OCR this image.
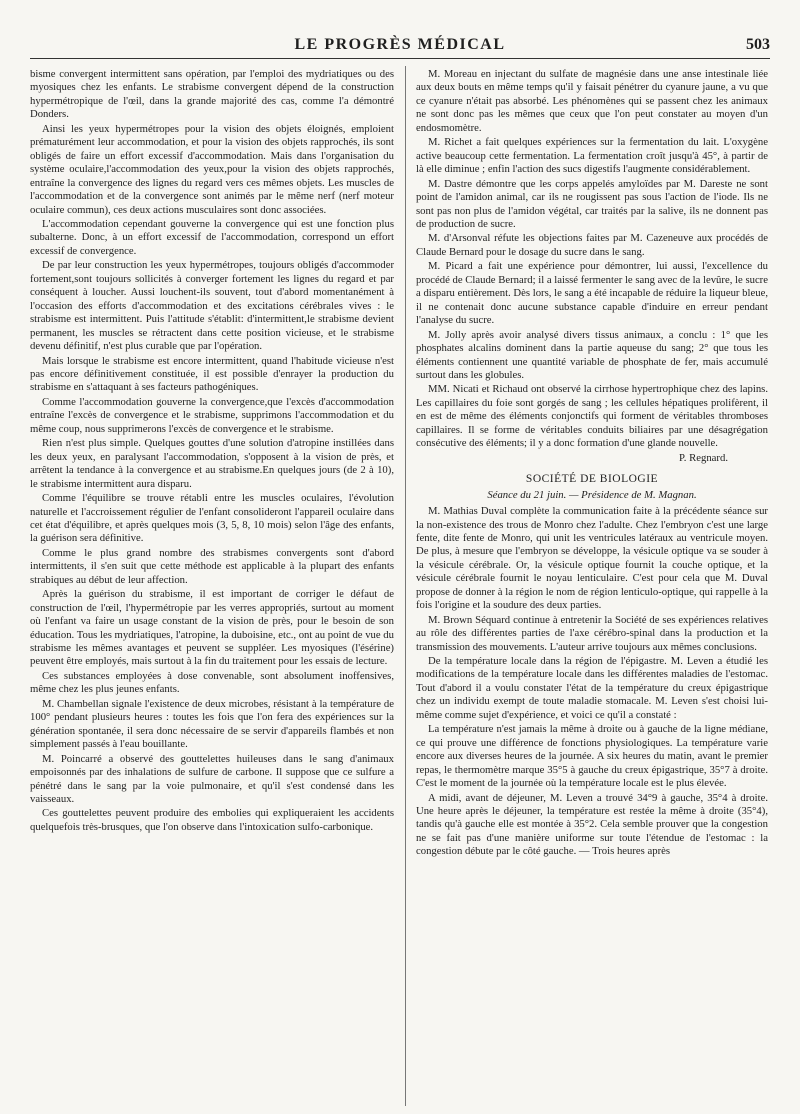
LE PROGRÈS MÉDICAL	503

bisme convergent intermittent sans opération, par l'emploi des mydriatiques ou des myosiques chez les enfants. Le strabisme convergent dépend de la construction hypermétropique de l'œil, dans la grande majorité des cas, comme l'a démontré Donders.

Ainsi les yeux hypermétropes pour la vision des objets éloignés, emploient prématurément leur accommodation, et pour la vision des objets rapprochés, ils sont obligés de faire un effort excessif d'accommodation. Mais dans l'organisation du système oculaire,l'accommodation des yeux,pour la vision des objets rapprochés, entraîne la convergence des lignes du regard vers ces mêmes objets. Les muscles de l'accommodation et de la convergence sont animés par le même nerf (nerf moteur oculaire commun), ces deux actions musculaires sont donc associées.

L'accommodation cependant gouverne la convergence qui est une fonction plus subalterne. Donc, à un effort excessif de l'accommodation, correspond un effort excessif de convergence.

De par leur construction les yeux hypermétropes, toujours obligés d'accommoder fortement,sont toujours sollicités à converger fortement les lignes du regard et par conséquent à loucher. Aussi louchent-ils souvent, tout d'abord momentanément à l'occasion des efforts d'accommodation et des excitations cérébrales vives : le strabisme est intermittent. Puis l'attitude s'établit: d'intermittent,le strabisme devient permanent, les muscles se rétractent dans cette position vicieuse, et le strabisme devenu définitif, n'est plus curable que par l'opération.

Mais lorsque le strabisme est encore intermittent, quand l'habitude vicieuse n'est pas encore définitivement constituée, il est possible d'enrayer la production du strabisme en s'attaquant à ses facteurs pathogéniques.

Comme l'accommodation gouverne la convergence,que l'excès d'accommodation entraîne l'excès de convergence et le strabisme, supprimons l'accommodation et du même coup, nous supprimerons l'excès de convergence et le strabisme.

Rien n'est plus simple. Quelques gouttes d'une solution d'atropine instillées dans les deux yeux, en paralysant l'accommodation, s'opposent à la vision de près, et arrêtent la tendance à la convergence et au strabisme.En quelques jours (de 2 à 10), le strabisme intermittent aura disparu.

Comme l'équilibre se trouve rétabli entre les muscles oculaires, l'évolution naturelle et l'accroissement régulier de l'enfant consolideront l'appareil oculaire dans cet état d'équilibre, et après quelques mois (3, 5, 8, 10 mois) selon l'âge des enfants, la guérison sera définitive.

Comme le plus grand nombre des strabismes convergents sont d'abord intermittents, il s'en suit que cette méthode est applicable à la plupart des enfants strabiques au début de leur affection.

Après la guérison du strabisme, il est important de corriger le défaut de construction de l'œil, l'hypermétropie par les verres appropriés, surtout au moment où l'enfant va faire un usage constant de la vision de près, pour le besoin de son éducation. Tous les mydriatiques, l'atropine, la duboisine, etc., ont au point de vue du strabisme les mêmes avantages et peuvent se suppléer. Les myosiques (l'ésérine) peuvent être employés, mais surtout à la fin du traitement pour les essais de lecture.

Ces substances employées à dose convenable, sont absolument inoffensives, même chez les plus jeunes enfants.

M. Chambellan signale l'existence de deux microbes, résistant à la température de 100° pendant plusieurs heures : toutes les fois que l'on fera des expériences sur la génération spontanée, il sera donc nécessaire de se servir d'appareils flambés et non simplement passés à l'eau bouillante.

M. Poincarré a observé des gouttelettes huileuses dans le sang d'animaux empoisonnés par des inhalations de sulfure de carbone. Il suppose que ce sulfure a pénétré dans le sang par la voie pulmonaire, et qu'il s'est condensé dans les vaisseaux.

Ces gouttelettes peuvent produire des embolies qui expliqueraient les accidents quelquefois très-brusques, que l'on observe dans l'intoxication sulfo-carbonique.

M. Moreau en injectant du sulfate de magnésie dans une anse intestinale liée aux deux bouts en même temps qu'il y faisait pénétrer du cyanure jaune, a vu que ce cyanure n'était pas absorbé. Les phénomènes qui se passent chez les animaux ne sont donc pas les mêmes que ceux que l'on peut constater au moyen d'un endosmomètre.

M. Richet a fait quelques expériences sur la fermentation du lait. L'oxygène active beaucoup cette fermentation. La fermentation croît jusqu'à 45°, à partir de là elle diminue ; enfin l'action des sucs digestifs l'augmente considérablement.

M. Dastre démontre que les corps appelés amyloïdes par M. Dareste ne sont point de l'amidon animal, car ils ne rougissent pas sous l'action de l'iode. Ils ne sont pas non plus de l'amidon végétal, car traités par la salive, ils ne donnent pas de production de sucre.

M. d'Arsonval réfute les objections faites par M. Cazeneuve aux procédés de Claude Bernard pour le dosage du sucre dans le sang.

M. Picard a fait une expérience pour démontrer, lui aussi, l'excellence du procédé de Claude Bernard; il a laissé fermenter le sang avec de la levûre, le sucre a disparu entièrement. Dès lors, le sang a été incapable de réduire la liqueur bleue, il ne contenait donc aucune substance capable d'induire en erreur pendant l'analyse du sucre.

M. Jolly après avoir analysé divers tissus animaux, a conclu : 1° que les phosphates alcalins dominent dans la partie aqueuse du sang; 2° que tous les éléments contiennent une quantité variable de phosphate de fer, mais accumulé surtout dans les globules.

MM. Nicati et Richaud ont observé la cirrhose hypertrophique chez des lapins. Les capillaires du foie sont gorgés de sang ; les cellules hépatiques prolifèrent, il en est de même des éléments conjonctifs qui forment de véritables thromboses capillaires. Il se forme de véritables conduits biliaires par une désagrégation consécutive des éléments; il y a donc formation d'une glande nouvelle.

P. Regnard.

SOCIÉTÉ DE BIOLOGIE
Séance du 21 juin. — Présidence de M. Magnan.

M. Mathias Duval complète la communication faite à la précédente séance sur la non-existence des trous de Monro chez l'adulte. Chez l'embryon c'est une large fente, dite fente de Monro, qui unit les ventricules latéraux au ventricule moyen. De plus, à mesure que l'embryon se développe, la vésicule optique va se souder à la vésicule cérébrale. Or, la vésicule optique fournit la couche optique, et la vésicule cérébrale fournit le noyau lenticulaire. C'est pour cela que M. Duval propose de donner à la région le nom de région lenticulo-optique, qui rappelle à la fois l'origine et la soudure des deux parties.

M. Brown Séquard continue à entretenir la Société de ses expériences relatives au rôle des différentes parties de l'axe cérébro-spinal dans la production et la transmission des mouvements. L'auteur arrive toujours aux mêmes conclusions.

De la température locale dans la région de l'épigastre. M. Leven a étudié les modifications de la température locale dans les différentes maladies de l'estomac. Tout d'abord il a voulu constater l'état de la température du creux épigastrique chez un individu exempt de toute maladie stomacale. M. Leven s'est choisi lui-même comme sujet d'expérience, et voici ce qu'il a constaté :

La température n'est jamais la même à droite ou à gauche de la ligne médiane, ce qui prouve une différence de fonctions physiologiques. La température varie encore aux diverses heures de la journée. A six heures du matin, avant le premier repas, le thermomètre marque 35°5 à gauche du creux épigastrique, 35°7 à droite. C'est le moment de la journée où la température locale est le plus élevée.

A midi, avant de déjeuner, M. Leven a trouvé 34°9 à gauche, 35°4 à droite. Une heure après le déjeuner, la température est restée la même à droite (35°4), tandis qu'à gauche elle est montée à 35°2. Cela semble prouver que la congestion ne se fait pas d'une manière uniforme sur toute l'étendue de l'estomac : la congestion débute par le côté gauche. — Trois heures après
